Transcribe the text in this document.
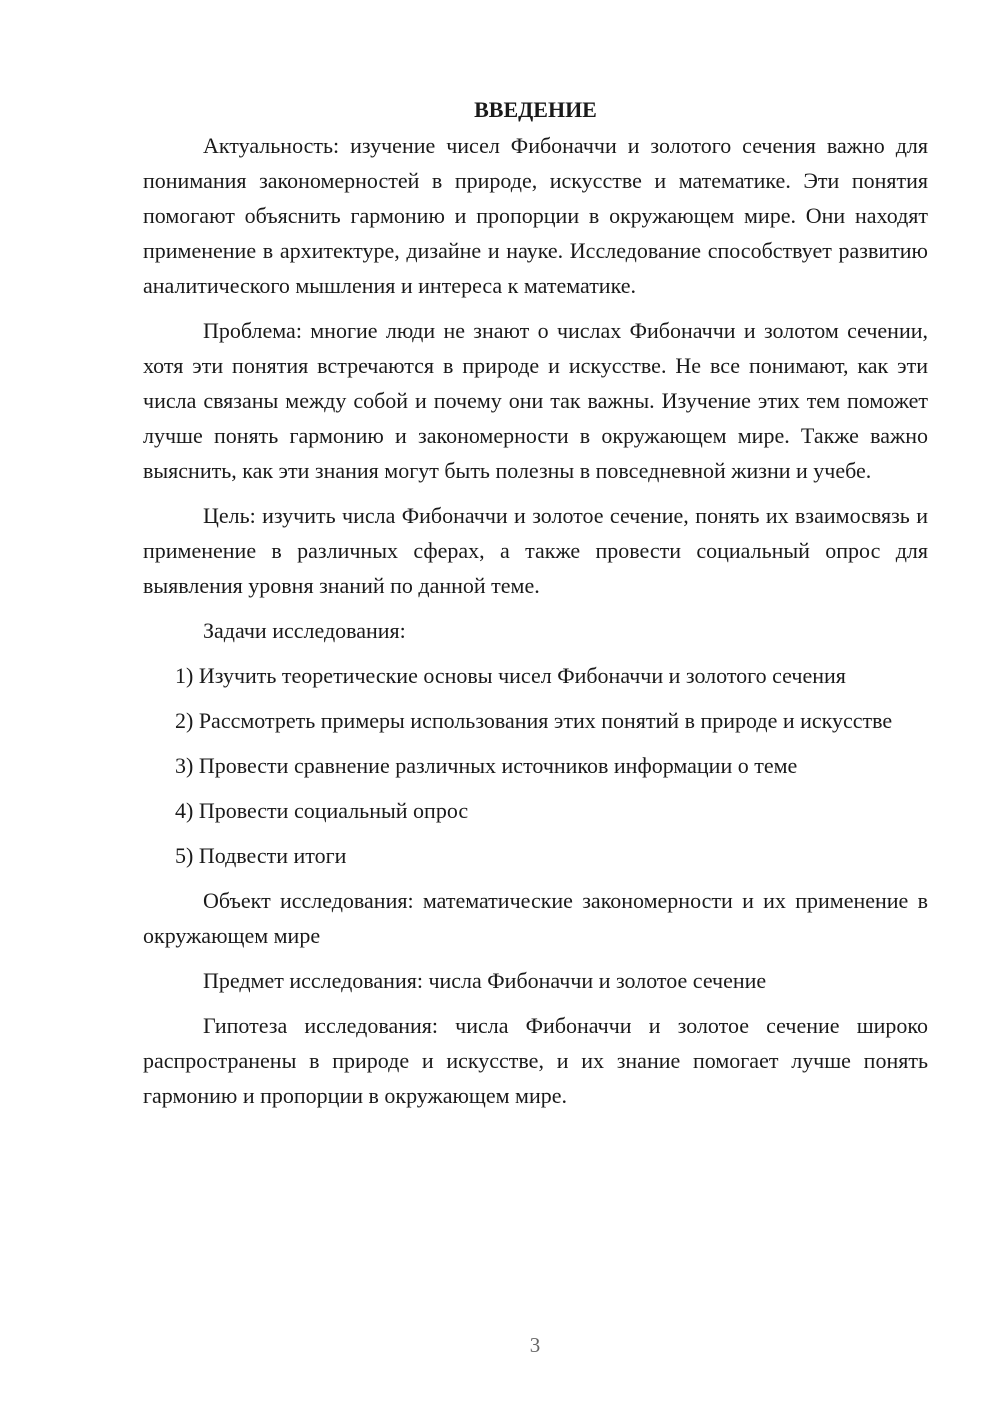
ВВЕДЕНИЕ

Актуальность: изучение чисел Фибоначчи и золотого сечения важно для понимания закономерностей в природе, искусстве и математике. Эти понятия помогают объяснить гармонию и пропорции в окружающем мире. Они находят применение в архитектуре, дизайне и науке. Исследование способствует развитию аналитического мышления и интереса к математике.

Проблема: многие люди не знают о числах Фибоначчи и золотом сечении, хотя эти понятия встречаются в природе и искусстве. Не все понимают, как эти числа связаны между собой и почему они так важны. Изучение этих тем поможет лучше понять гармонию и закономерности в окружающем мире. Также важно выяснить, как эти знания могут быть полезны в повседневной жизни и учебе.

Цель: изучить числа Фибоначчи и золотое сечение, понять их взаимосвязь и применение в различных сферах, а также провести социальный опрос для выявления уровня знаний по данной теме.

Задачи исследования:

1) Изучить теоретические основы чисел Фибоначчи и золотого сечения

2) Рассмотреть примеры использования этих понятий в природе и искусстве

3) Провести сравнение различных источников информации о теме

4) Провести социальный опрос

5) Подвести итоги

Объект исследования: математические закономерности и их применение в окружающем мире

Предмет исследования: числа Фибоначчи и золотое сечение

Гипотеза исследования: числа Фибоначчи и золотое сечение широко распространены в природе и искусстве, и их знание помогает лучше понять гармонию и пропорции в окружающем мире.

3
